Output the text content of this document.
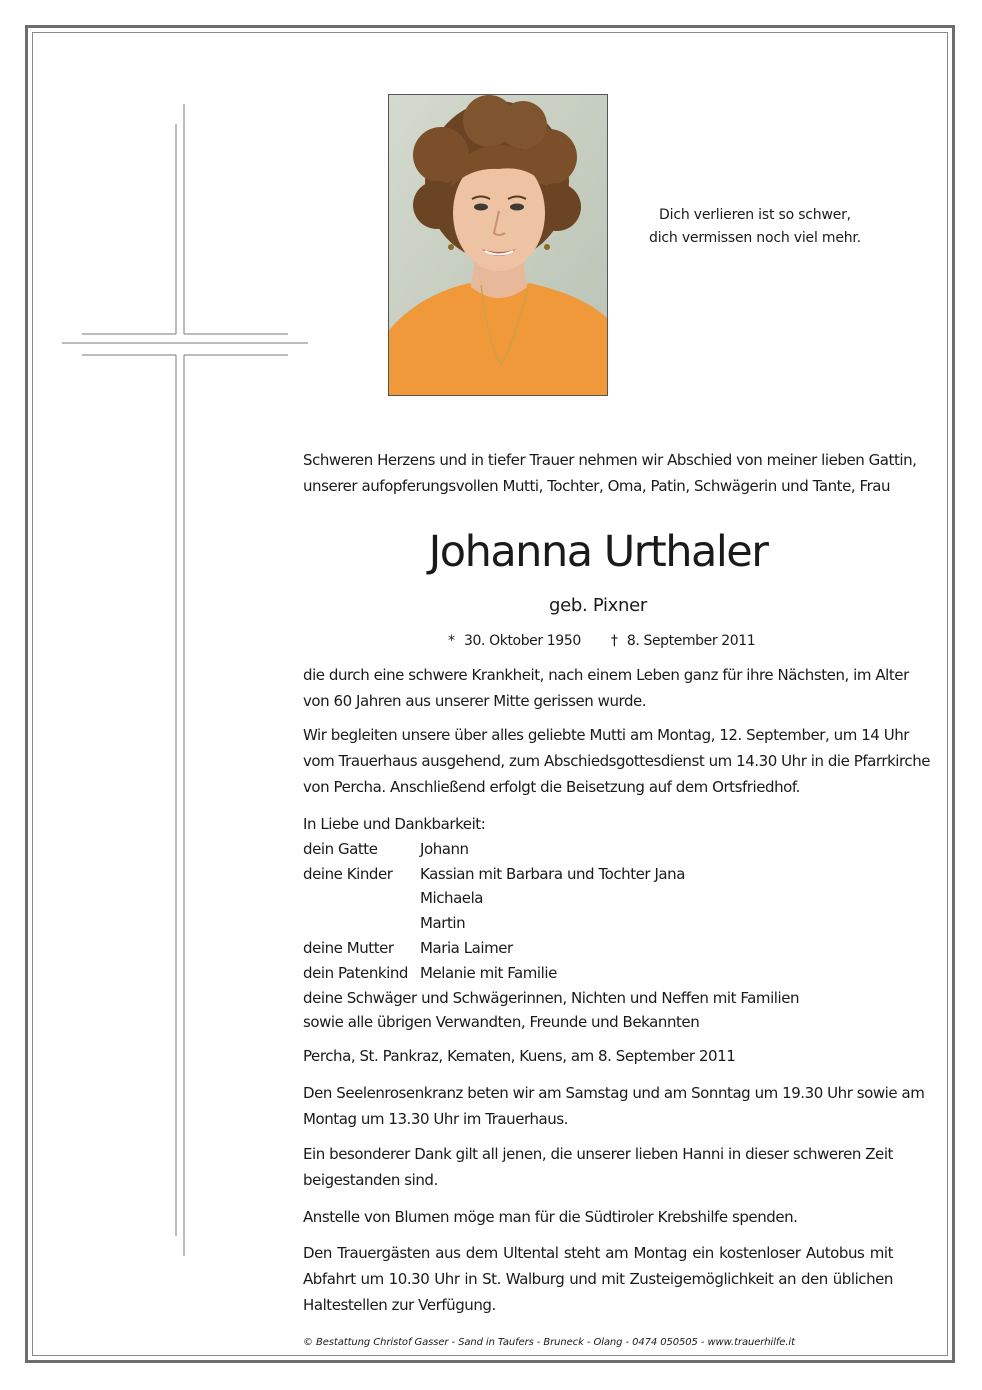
Dich verlieren ist so schwer,
dich vermissen noch viel mehr.
Schweren Herzens und in tiefer Trauer nehmen wir Abschied von meiner lieben Gattin,
unserer aufopferungsvollen Mutti, Tochter, Oma, Patin, Schwägerin und Tante, Frau
Johanna Urthaler
geb. Pixner
* 30. Oktober 1950 † 8. September 2011
die durch eine schwere Krankheit, nach einem Leben ganz für ihre Nächsten, im Alter
von 60 Jahren aus unserer Mitte gerissen wurde.
Wir begleiten unsere über alles geliebte Mutti am Montag, 12. September, um 14 Uhr
vom Trauerhaus ausgehend, zum Abschiedsgottesdienst um 14.30 Uhr in die Pfarrkirche
von Percha. Anschließend erfolgt die Beisetzung auf dem Ortsfriedhof.
In Liebe und Dankbarkeit:
dein Gatte	Johann
deine Kinder Kassian mit Barbara und Tochter Jana
Michaela
Martin
deine Mutter Maria Laimer
dein Patenkind Melanie mit Familie
deine Schwäger und Schwägerinnen, Nichten und Neffen mit Familien
sowie alle übrigen Verwandten, Freunde und Bekannten
Percha, St. Pankraz, Kematen, Kuens, am 8. September 2011
Den Seelenrosenkranz beten wir am Samstag und am Sonntag um 19.30 Uhr sowie am
Montag um 13.30 Uhr im Trauerhaus.
Ein besonderer Dank gilt all jenen, die unserer lieben Hanni in dieser schweren Zeit
beigestanden sind.
Anstelle von Blumen möge man für die Südtiroler Krebshilfe spenden.
Den Trauergästen aus dem Ultental steht am Montag ein kostenloser Autobus mit
Abfahrt um 10.30 Uhr in St. Walburg und mit Zusteigemöglichkeit an den üblichen
Haltestellen zur Verfügung.
© Bestattung Christof Gasser - Sand in Taufers - Bruneck - Olang - 0474 050505 - www.trauerhilfe.it
